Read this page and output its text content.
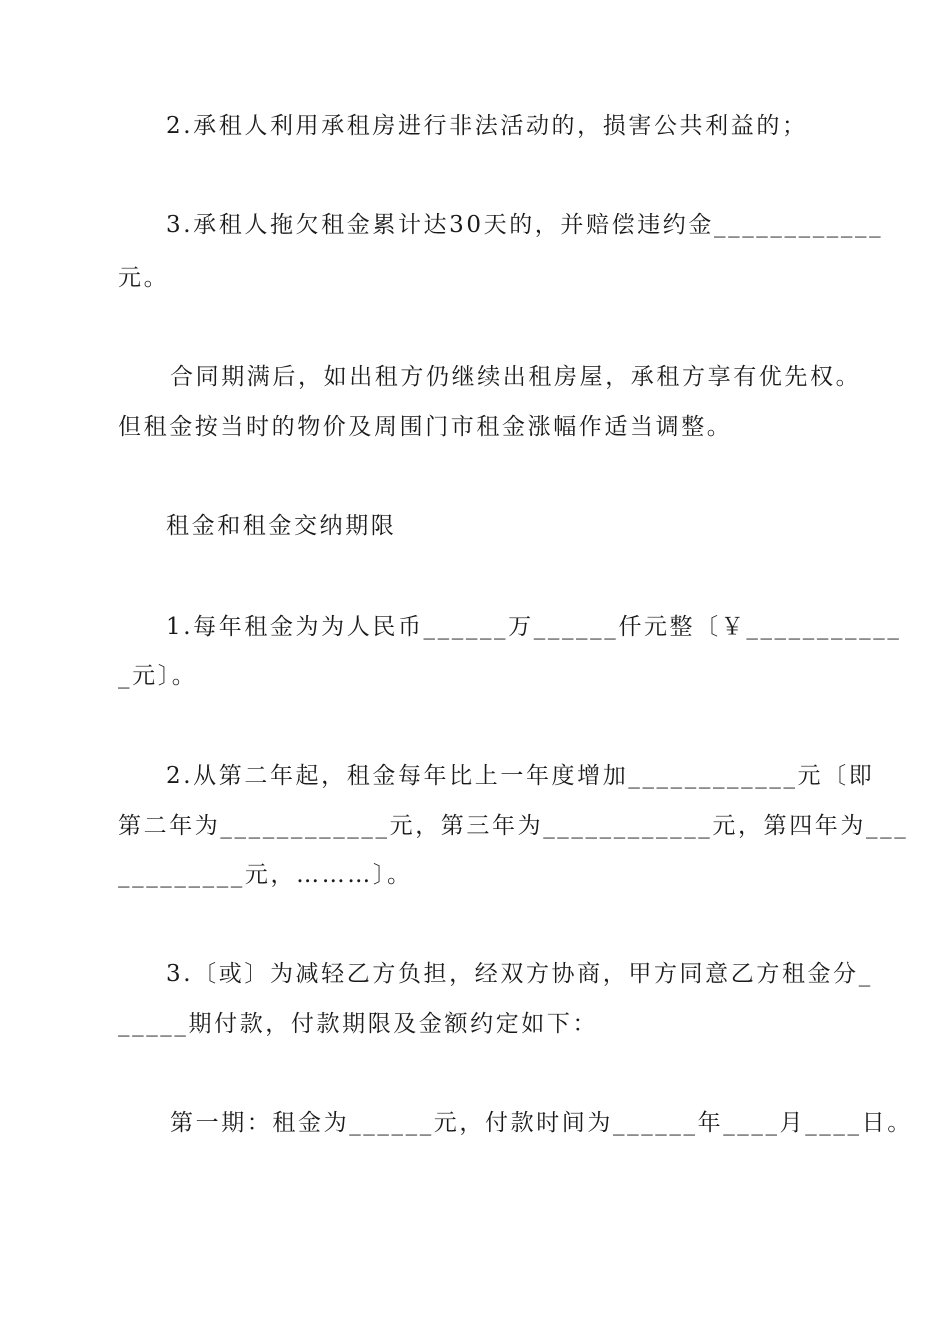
2.承租人利用承租房进行非法活动的，损害公共利益的；
3.承租人拖欠租金累计达30天的，并赔偿违约金____________
元。
合同期满后，如出租方仍继续出租房屋，承租方享有优先权。
但租金按当时的物价及周围门市租金涨幅作适当调整。
租金和租金交纳期限
1.每年租金为为人民币______万______仟元整〔￥___________
_元〕。
2.从第二年起，租金每年比上一年度增加____________元〔即
第二年为____________元，第三年为____________元，第四年为___
_________元，………〕。
3.〔或〕为减轻乙方负担，经双方协商，甲方同意乙方租金分_
_____期付款，付款期限及金额约定如下：
第一期：租金为______元，付款时间为______年____月____日。
